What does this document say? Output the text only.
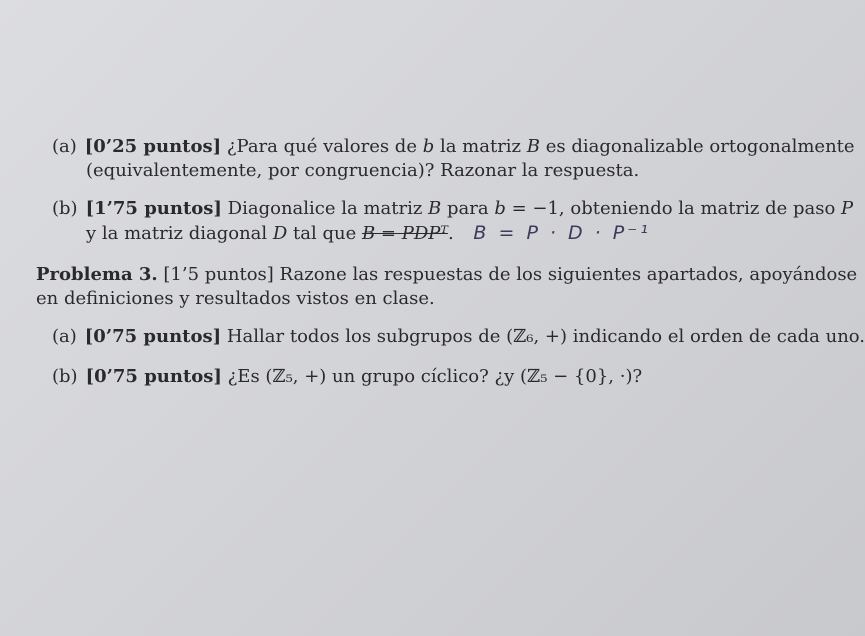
(a) [0’25 puntos] ¿Para qué valores de b la matriz B es diagonalizable ortogonalmente
(equivalentemente, por congruencia)? Razonar la respuesta.
(b) [1’75 puntos] Diagonalice la matriz B para b = −1, obteniendo la matriz de paso P
y la matriz diagonal D tal que B = PDPᵀ. B = P · D · P⁻¹
Problema 3. [1’5 puntos] Razone las respuestas de los siguientes apartados, apoyándose
en definiciones y resultados vistos en clase.
(a) [0’75 puntos] Hallar todos los subgrupos de (ℤ₆, +) indicando el orden de cada uno.
(b) [0’75 puntos] ¿Es (ℤ₅, +) un grupo cíclico? ¿y (ℤ₅ − {0}, ·)?
